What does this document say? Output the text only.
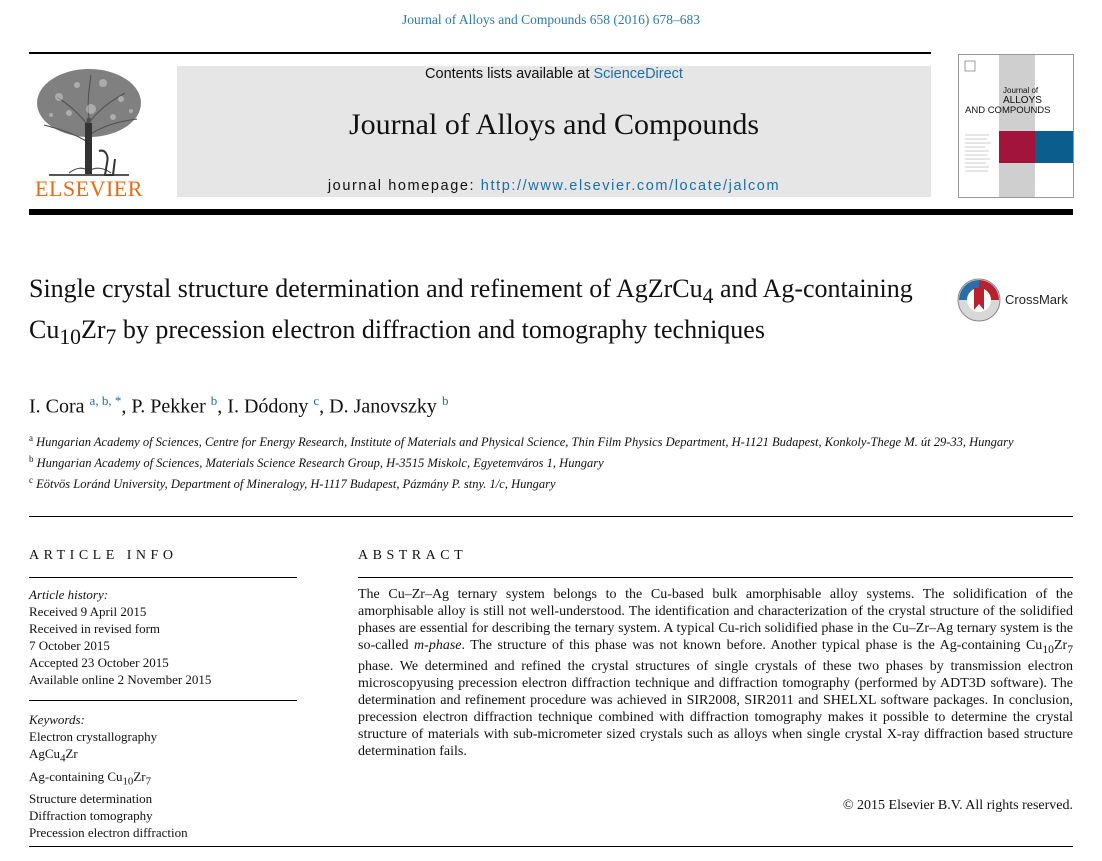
Journal of Alloys and Compounds 658 (2016) 678–683
ELSEVIER
Contents lists available at ScienceDirect
Journal of Alloys and Compounds
journal homepage: http://www.elsevier.com/locate/jalcom
Journal of
ALLOYS
AND COMPOUNDS
Single crystal structure determination and refinement of AgZrCu$_4$ and Ag-containing $Cu_{10}Zr_7$ by precession electron diffraction and tomography techniques
CrossMark
I. Cora $^{a, b, *}$, P. Pekker $^b$, I. Dódony $^c$, D. Janovszky $^b$

$^a$ Hungarian Academy of Sciences, Centre for Energy Research, Institute of Materials and Physical Science, Thin Film Physics Department, H-1121 Budapest, Konkoly-Thege M. út 29-33, Hungary

$^b$ Hungarian Academy of Sciences, Materials Science Research Group, H-3515 Miskolc, Egyetemváros 1, Hungary

$^c$ Eötvös Loránd University, Department of Mineralogy, H-1117 Budapest, Pázmány P. stny. 1/c, Hungary

ARTICLE INFO

Article history:

Received 9 April 2015

Received in revised form

7 October 2015

Accepted 23 October 2015

Available online 2 November 2015

Keywords:

Electron crystallography

AgCu$_4$Zr

Ag-containing $Cu_{10}Zr_7$

Structure determination

Diffraction tomography

Precession electron diffraction

ABSTRACT

The Cu–Zr–Ag ternary system belongs to the Cu-based bulk amorphisable alloy systems. The solidification of the amorphisable alloy is still not well-understood. The identification and characterization of the crystal structure of the solidified phases are essential for describing the ternary system. A typical Cu-rich solidified phase in the Cu–Zr–Ag ternary system is the so-called m-phase. The structure of this phase was not known before. Another typical phase is the Ag-containing $Cu_{10}Zr_7$ phase. We determined and refined the crystal structures of single crystals of these two phases by transmission electron microscopyusing precession electron diffraction technique and diffraction tomography (performed by ADT3D software). The determination and refinement procedure was achieved in SIR2008, SIR2011 and SHELXL software packages. In conclusion, precession electron diffraction technique combined with diffraction tomography makes it possible to determine the crystal structure of materials with sub-micrometer sized crystals such as alloys when single crystal X-ray diffraction based structure determination fails.

© 2015 Elsevier B.V. All rights reserved.
